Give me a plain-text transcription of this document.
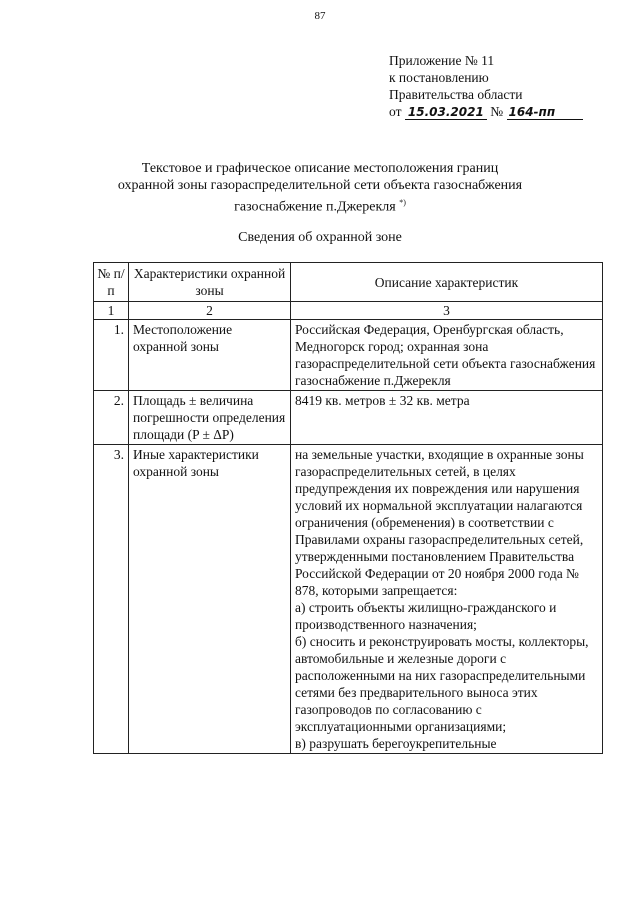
87
Приложение № 11
к постановлению
Правительства области
от 15.03.2021 № 164-пп
Текстовое и графическое описание местоположения границ
охранной зоны газораспределительной сети объекта газоснабжения
газоснабжение п.Джерекля *)
Сведения об охранной зоне
№ п/п	Характеристики охранной зоны	Описание характеристик
1	2	3
1.	Местоположение охранной зоны	Российская Федерация, Оренбургская область, Медногорск город; охранная зона газораспределительной сети объекта газоснабжения газоснабжение п.Джерекля
2.	Площадь ± величина погрешности определения площади (P ± ΔP)	8419 кв. метров ± 32 кв. метра
3.	Иные характеристики охранной зоны	на земельные участки, входящие в охранные зоны газораспределительных сетей, в целях предупреждения их повреждения или нарушения условий их нормальной эксплуатации налагаются ограничения (обременения) в соответствии с Правилами охраны газораспределительных сетей, утвержденными постановлением Правительства Российской Федерации от 20 ноября 2000 года № 878, которыми запрещается:
а) строить объекты жилищно-гражданского и производственного назначения;
б) сносить и реконструировать мосты, коллекторы, автомобильные и железные дороги с расположенными на них газораспределительными сетями без предварительного выноса этих газопроводов по согласованию с эксплуатационными организациями;
в) разрушать берегоукрепительные
